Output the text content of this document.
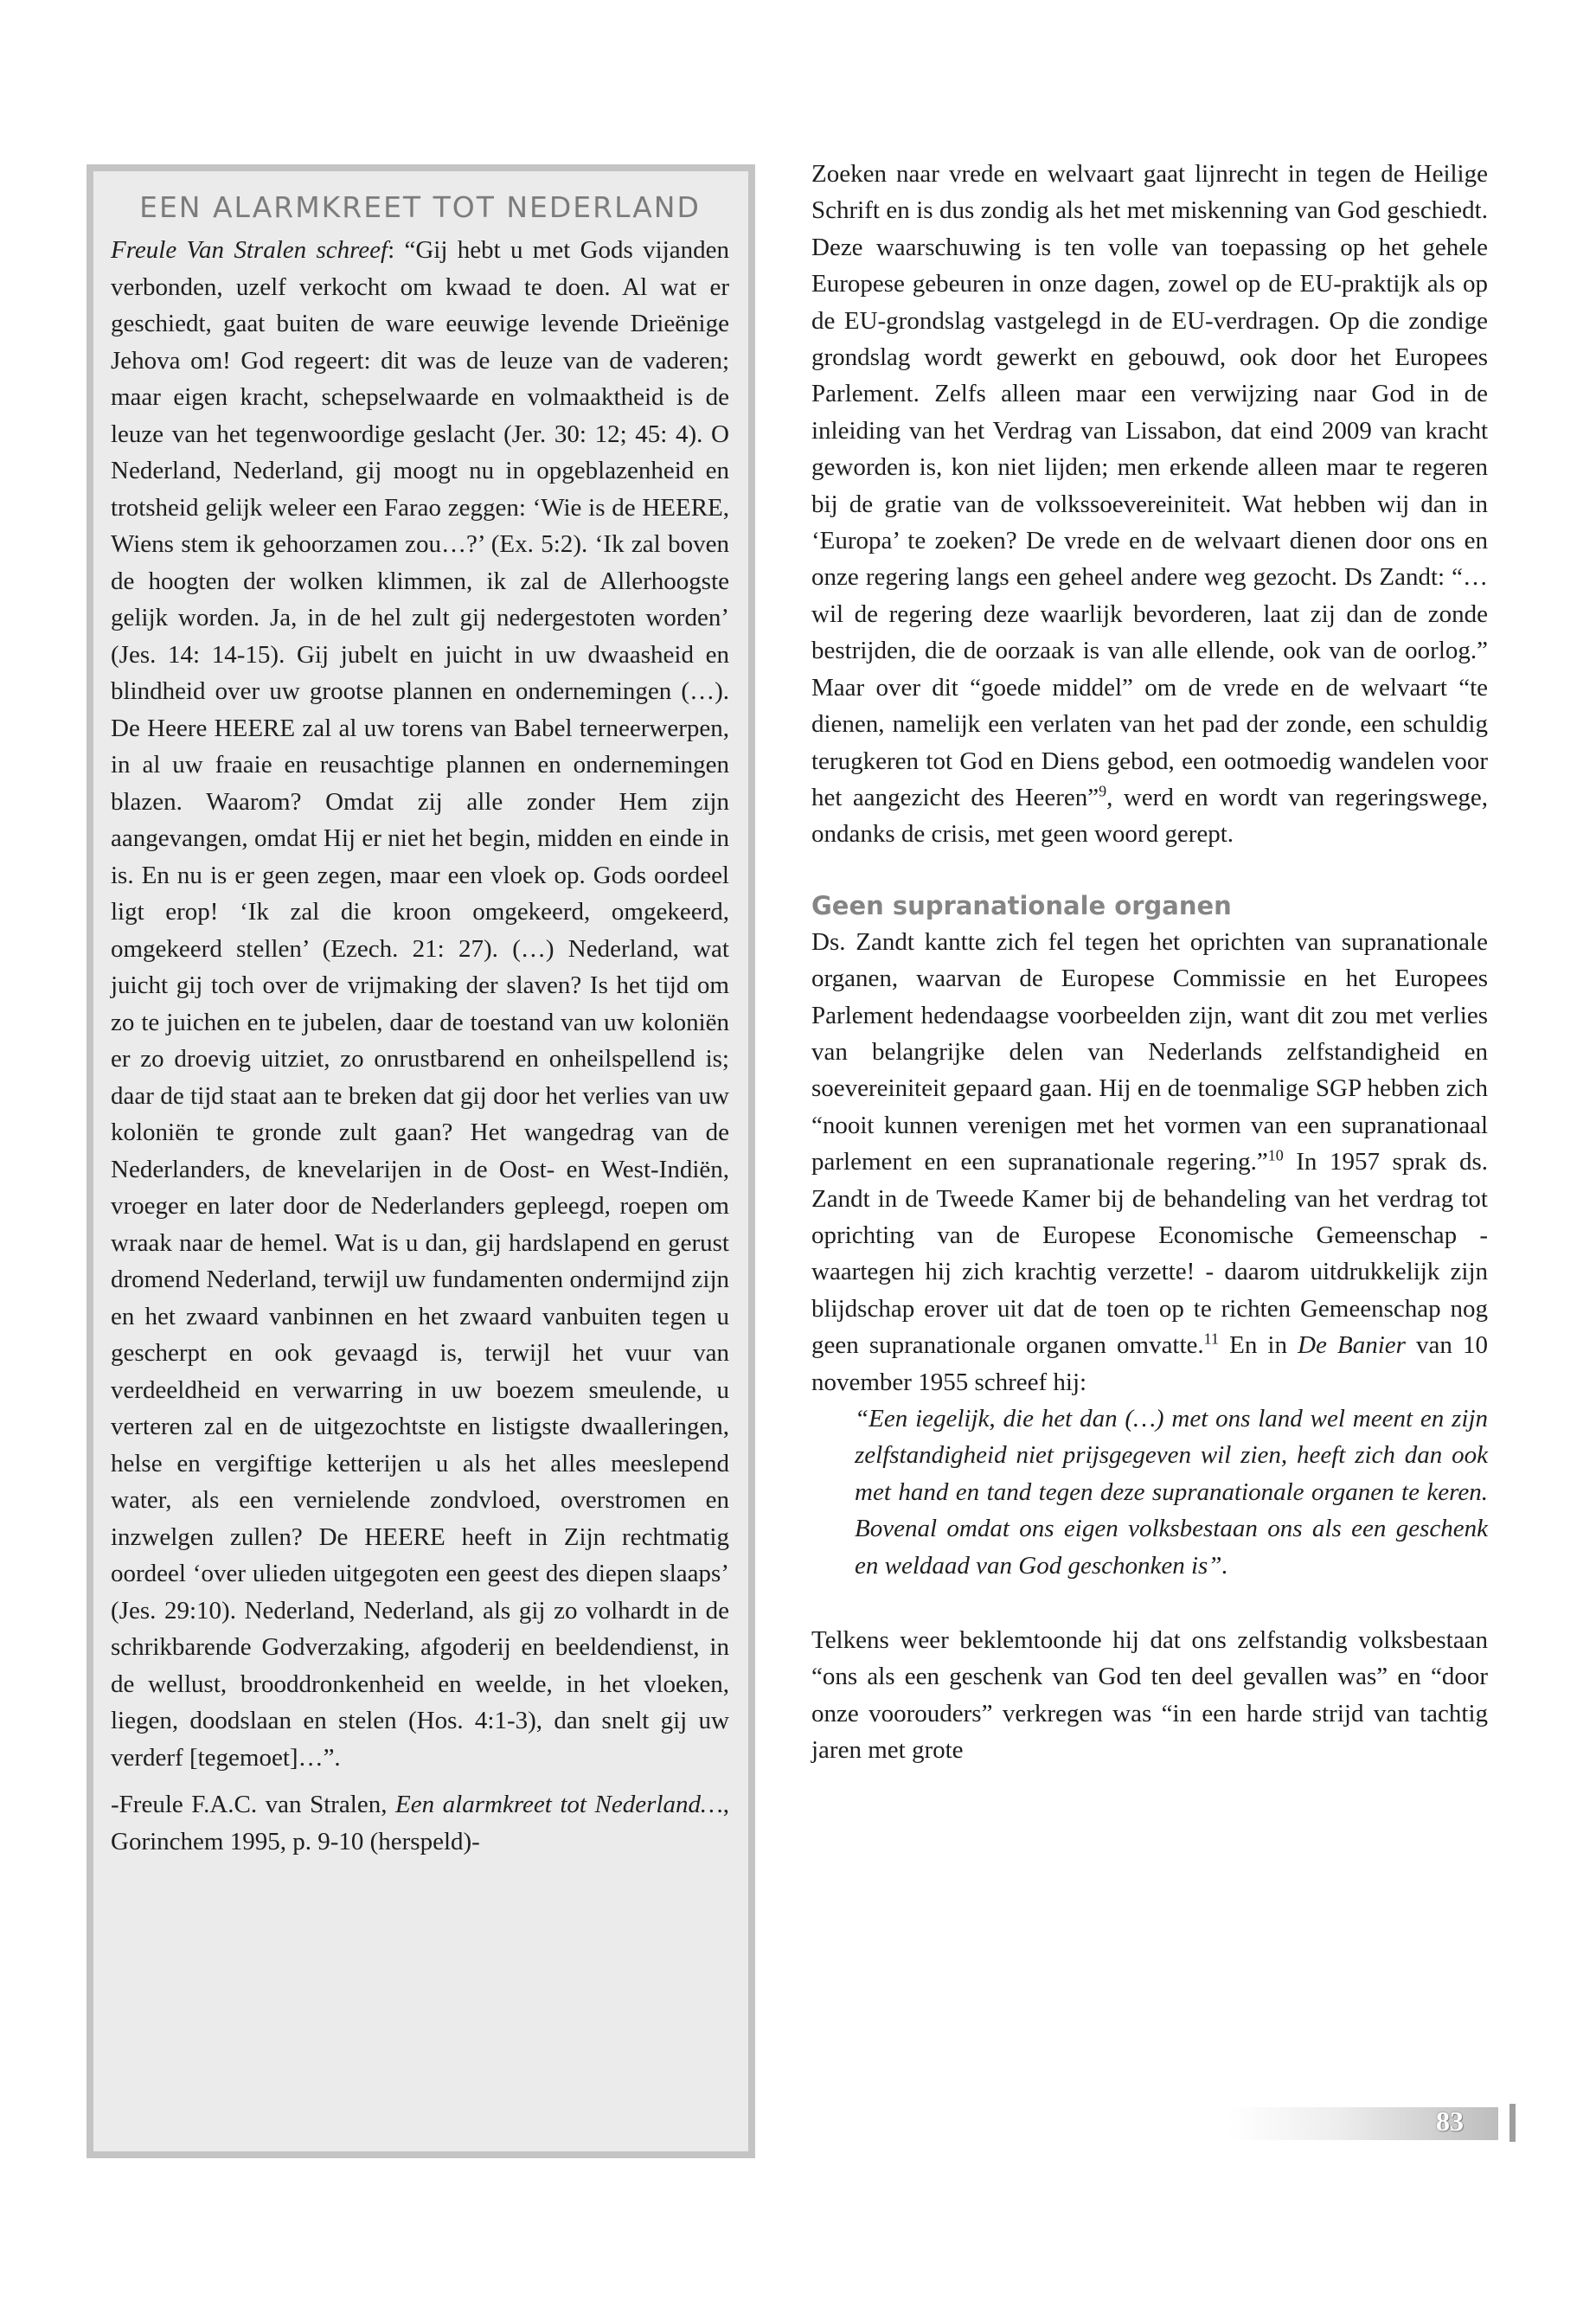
EEN ALARMKREET TOT NEDERLAND

Freule Van Stralen schreef: “Gij hebt u met Gods vijanden verbonden, uzelf verkocht om kwaad te doen. Al wat er geschiedt, gaat buiten de ware eeuwige levende Drieënige Jehova om! God regeert: dit was de leuze van de vaderen; maar eigen kracht, schepselwaarde en volmaaktheid is de leuze van het tegenwoordige geslacht (Jer. 30: 12; 45: 4). O Nederland, Nederland, gij moogt nu in opgeblazenheid en trotsheid gelijk weleer een Farao zeggen: ‘Wie is de HEERE, Wiens stem ik gehoorzamen zou…?’ (Ex. 5:2). ‘Ik zal boven de hoogten der wolken klimmen, ik zal de Allerhoogste gelijk worden. Ja, in de hel zult gij nedergestoten worden’ (Jes. 14: 14-15). Gij jubelt en juicht in uw dwaasheid en blindheid over uw grootse plannen en ondernemingen (…). De Heere HEERE zal al uw torens van Babel terneerwerpen, in al uw fraaie en reusachtige plannen en ondernemingen blazen. Waarom? Omdat zij alle zonder Hem zijn aangevangen, omdat Hij er niet het begin, midden en einde in is. En nu is er geen zegen, maar een vloek op. Gods oordeel ligt erop! ‘Ik zal die kroon omgekeerd, omgekeerd, omgekeerd stellen’ (Ezech. 21: 27). (…) Nederland, wat juicht gij toch over de vrijmaking der slaven? Is het tijd om zo te juichen en te jubelen, daar de toestand van uw koloniën er zo droevig uitziet, zo onrustbarend en onheilspellend is; daar de tijd staat aan te breken dat gij door het verlies van uw koloniën te gronde zult gaan? Het wangedrag van de Nederlanders, de knevelarijen in de Oost- en West-Indiën, vroeger en later door de Nederlanders gepleegd, roepen om wraak naar de hemel. Wat is u dan, gij hardslapend en gerust dromend Nederland, terwijl uw fundamenten ondermijnd zijn en het zwaard vanbinnen en het zwaard vanbuiten tegen u gescherpt en ook gevaagd is, terwijl het vuur van verdeeldheid en verwarring in uw boezem smeulende, u verteren zal en de uitgezochtste en listigste dwaalleringen, helse en vergiftige ketterijen u als het alles meeslepend water, als een vernielende zondvloed, overstromen en inzwelgen zullen? De HEERE heeft in Zijn rechtmatig oordeel ‘over ulieden uitgegoten een geest des diepen slaaps’ (Jes. 29:10). Nederland, Nederland, als gij zo volhardt in de schrikbarende Godverzaking, afgoderij en beeldendienst, in de wellust, brooddronkenheid en weelde, in het vloeken, liegen, doodslaan en stelen (Hos. 4:1-3), dan snelt gij uw verderf [tegemoet]…”.

-Freule F.A.C. van Stralen, Een alarmkreet tot Nederland…, Gorinchem 1995, p. 9-10 (herspeld)-

Zoeken naar vrede en welvaart gaat lijnrecht in tegen de Heilige Schrift en is dus zondig als het met miskenning van God geschiedt. Deze waarschuwing is ten volle van toepassing op het gehele Europese gebeuren in onze dagen, zowel op de EU-praktijk als op de EU-grondslag vastgelegd in de EU-verdragen. Op die zondige grondslag wordt gewerkt en gebouwd, ook door het Europees Parlement. Zelfs alleen maar een verwijzing naar God in de inleiding van het Verdrag van Lissabon, dat eind 2009 van kracht geworden is, kon niet lijden; men erkende alleen maar te regeren bij de gratie van de volkssoevereiniteit. Wat hebben wij dan in ‘Europa’ te zoeken? De vrede en de welvaart dienen door ons en onze regering langs een geheel andere weg gezocht. Ds Zandt: “…wil de regering deze waarlijk bevorderen, laat zij dan de zonde bestrijden, die de oorzaak is van alle ellende, ook van de oorlog.” Maar over dit “goede middel” om de vrede en de welvaart “te dienen, namelijk een verlaten van het pad der zonde, een schuldig terugkeren tot God en Diens gebod, een ootmoedig wandelen voor het aangezicht des Heeren”$^9$, werd en wordt van regeringswege, ondanks de crisis, met geen woord gerept.

Geen supranationale organen

Ds. Zandt kantte zich fel tegen het oprichten van supranationale organen, waarvan de Europese Commissie en het Europees Parlement hedendaagse voorbeelden zijn, want dit zou met verlies van belangrijke delen van Nederlands zelfstandigheid en soevereiniteit gepaard gaan. Hij en de toenmalige SGP hebben zich “nooit kunnen verenigen met het vormen van een supranationaal parlement en een supranationale regering.”$^{10}$ In 1957 sprak ds. Zandt in de Tweede Kamer bij de behandeling van het verdrag tot oprichting van de Europese Economische Gemeenschap - waartegen hij zich krachtig verzette! - daarom uitdrukkelijk zijn blijdschap erover uit dat de toen op te richten Gemeenschap nog geen supranationale organen omvatte.$^{11}$ En in De Banier van 10 november 1955 schreef hij:

“Een iegelijk, die het dan (…) met ons land wel meent en zijn zelfstandigheid niet prijsgegeven wil zien, heeft zich dan ook met hand en tand tegen deze supranationale organen te keren. Bovenal omdat ons eigen volksbestaan ons als een geschenk en weldaad van God geschonken is”.

Telkens weer beklemtoonde hij dat ons zelfstandig volksbestaan “ons als een geschenk van God ten deel gevallen was” en “door onze voorouders” verkregen was “in een harde strijd van tachtig jaren met grote

83
